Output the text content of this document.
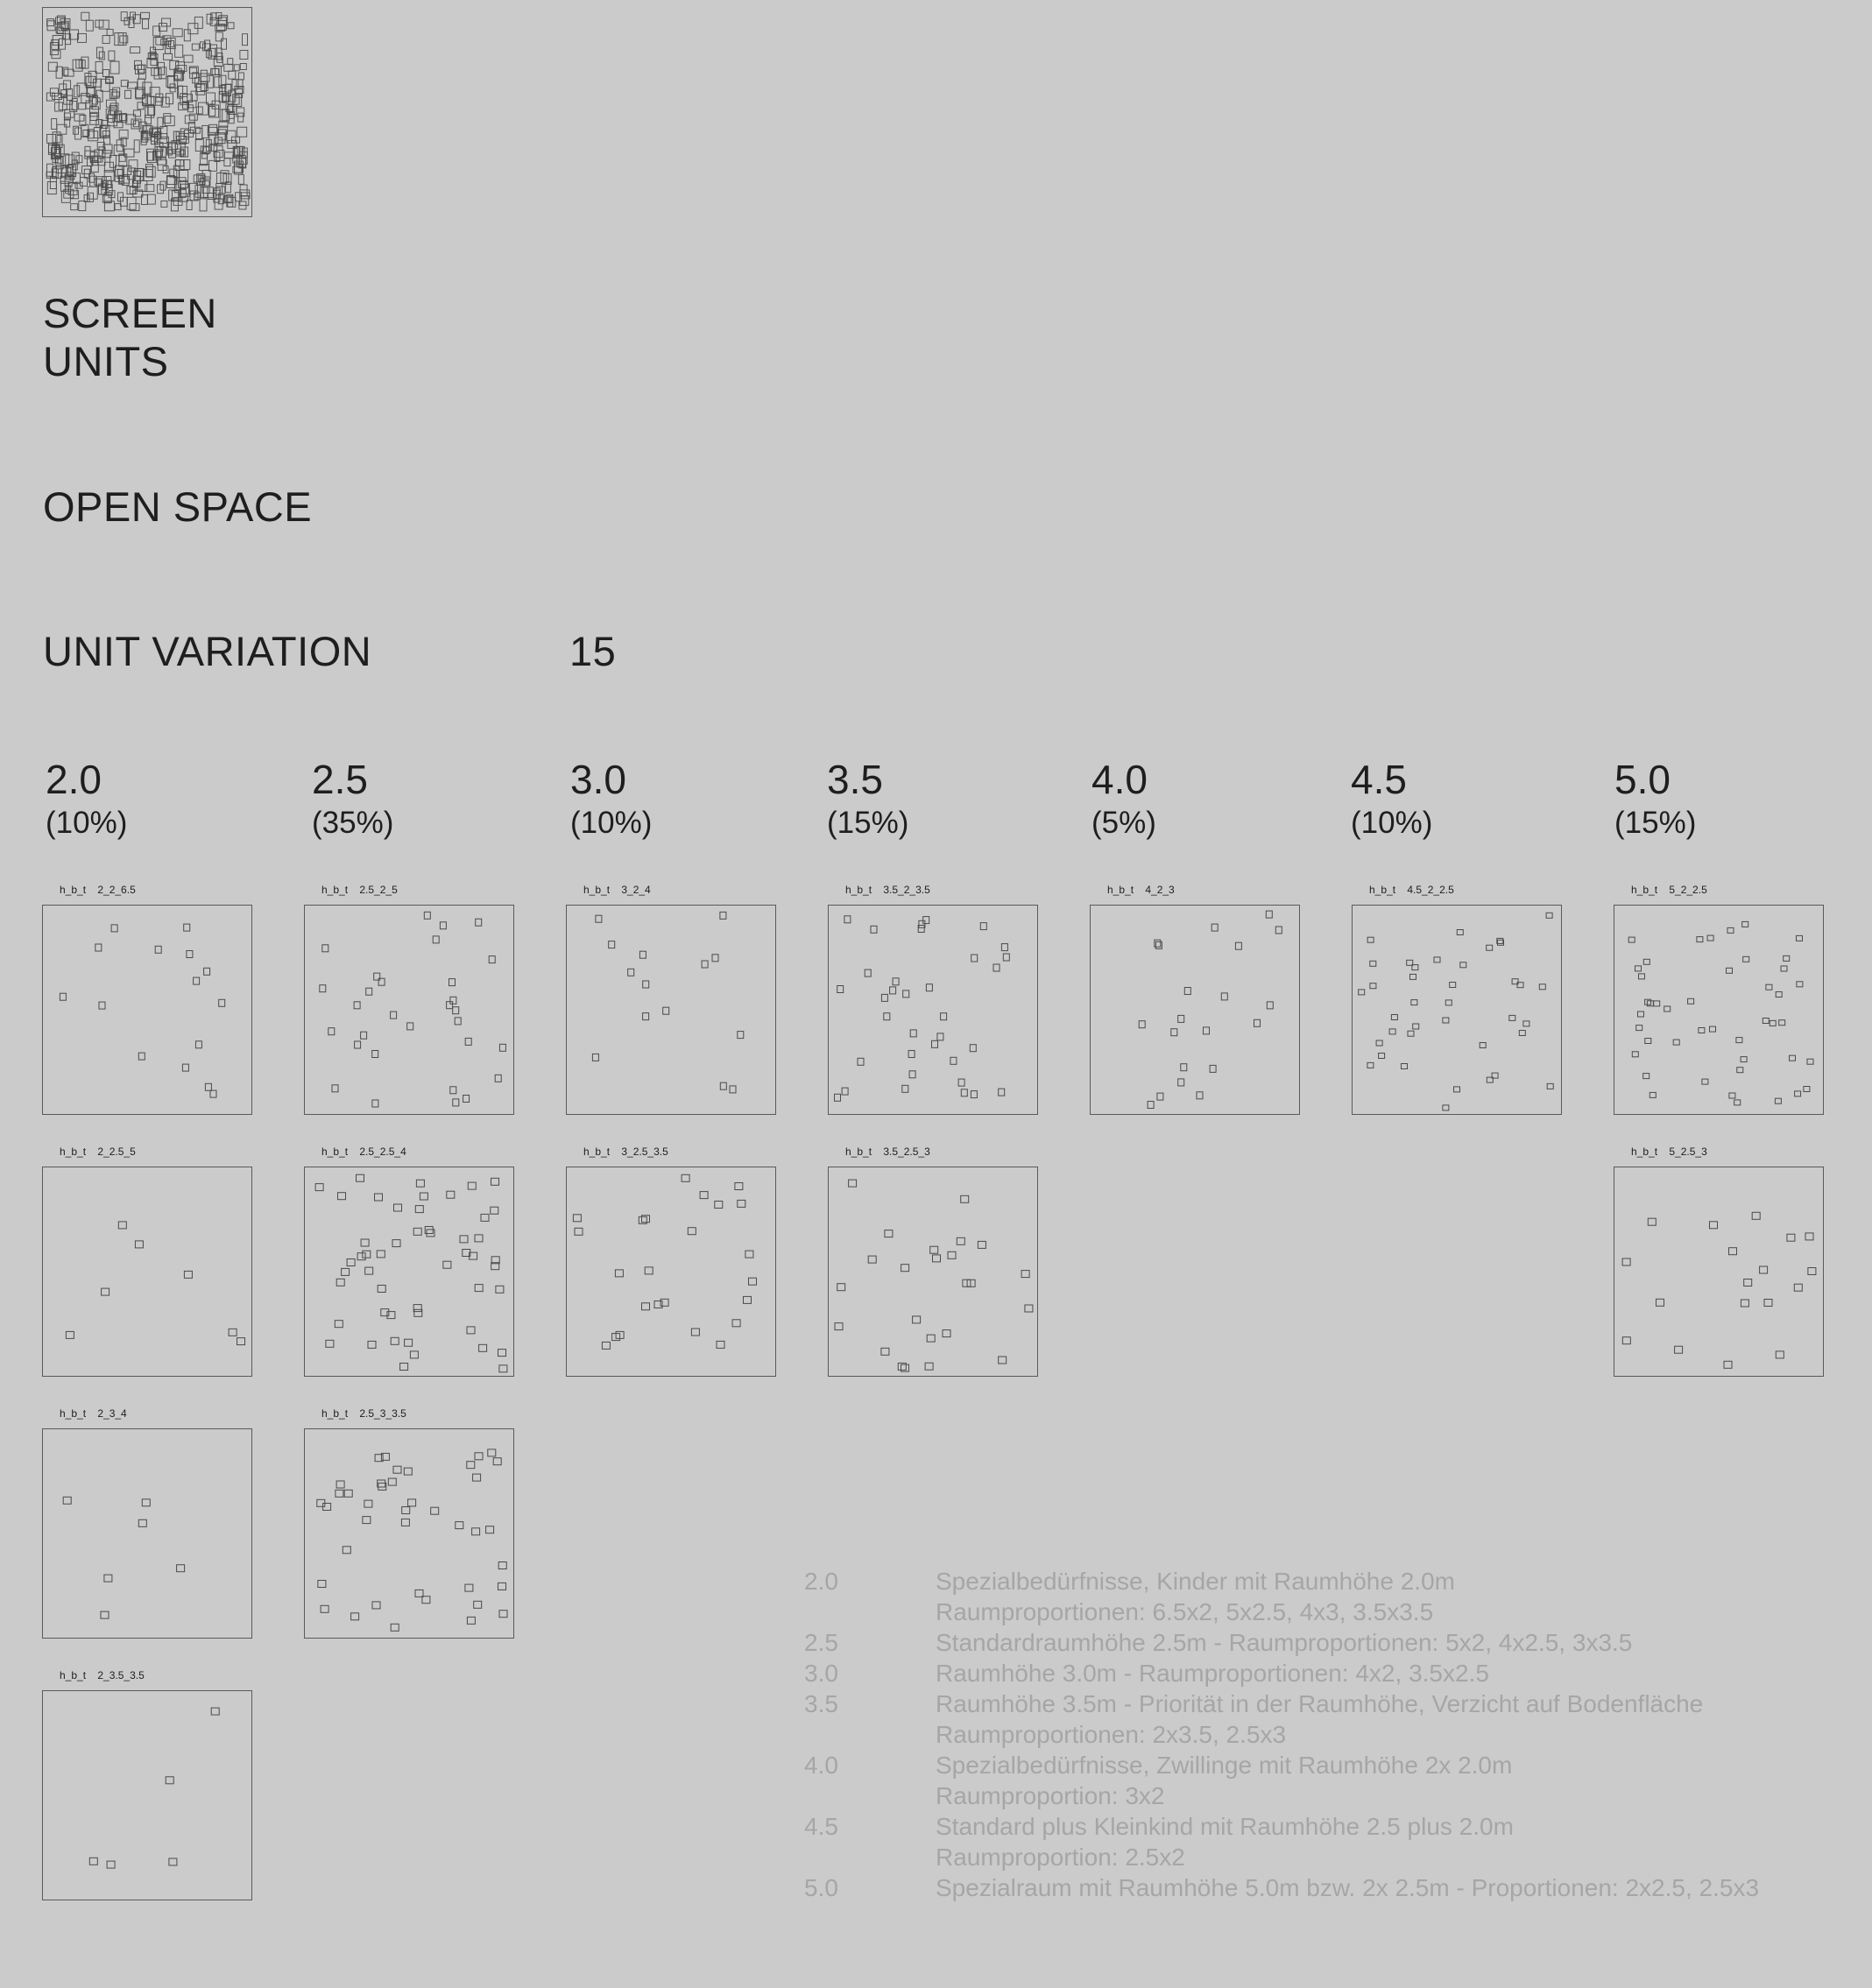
SCREEN
UNITS
OPEN SPACE
UNIT VARIATION	15
2.0
(10%)
2.5
(35%)
3.0
(10%)
3.5
(15%)
4.0
(5%)
4.5
(10%)
5.0
(15%)
h_b_t    2_2_6.5
h_b_t    2_2.5_5
h_b_t    2_3_4
h_b_t    2_3.5_3.5
h_b_t    2.5_2_5
h_b_t    2.5_2.5_4
h_b_t    2.5_3_3.5
h_b_t    3_2_4
h_b_t    3_2.5_3.5
h_b_t    3.5_2_3.5
h_b_t    3.5_2.5_3
h_b_t    4_2_3	h_b_t    4.5_2_2.5	h_b_t    5_2_2.5
h_b_t    5_2.5_3
2.0	Spezialbedürfnisse, Kinder mit Raumhöhe 2.0m
Raumproportionen: 6.5x2, 5x2.5, 4x3, 3.5x3.5
2.5	Standardraumhöhe 2.5m - Raumproportionen: 5x2, 4x2.5, 3x3.5
3.0	Raumhöhe 3.0m - Raumproportionen: 4x2, 3.5x2.5
3.5	Raumhöhe 3.5m - Priorität in der Raumhöhe, Verzicht auf Bodenfläche
Raumproportionen: 2x3.5, 2.5x3
4.0	Spezialbedürfnisse, Zwillinge mit Raumhöhe 2x 2.0m
Raumproportion: 3x2
4.5	Standard plus Kleinkind mit Raumhöhe 2.5 plus 2.0m
Raumproportion: 2.5x2
5.0	Spezialraum mit Raumhöhe 5.0m bzw. 2x 2.5m - Proportionen: 2x2.5, 2.5x3
